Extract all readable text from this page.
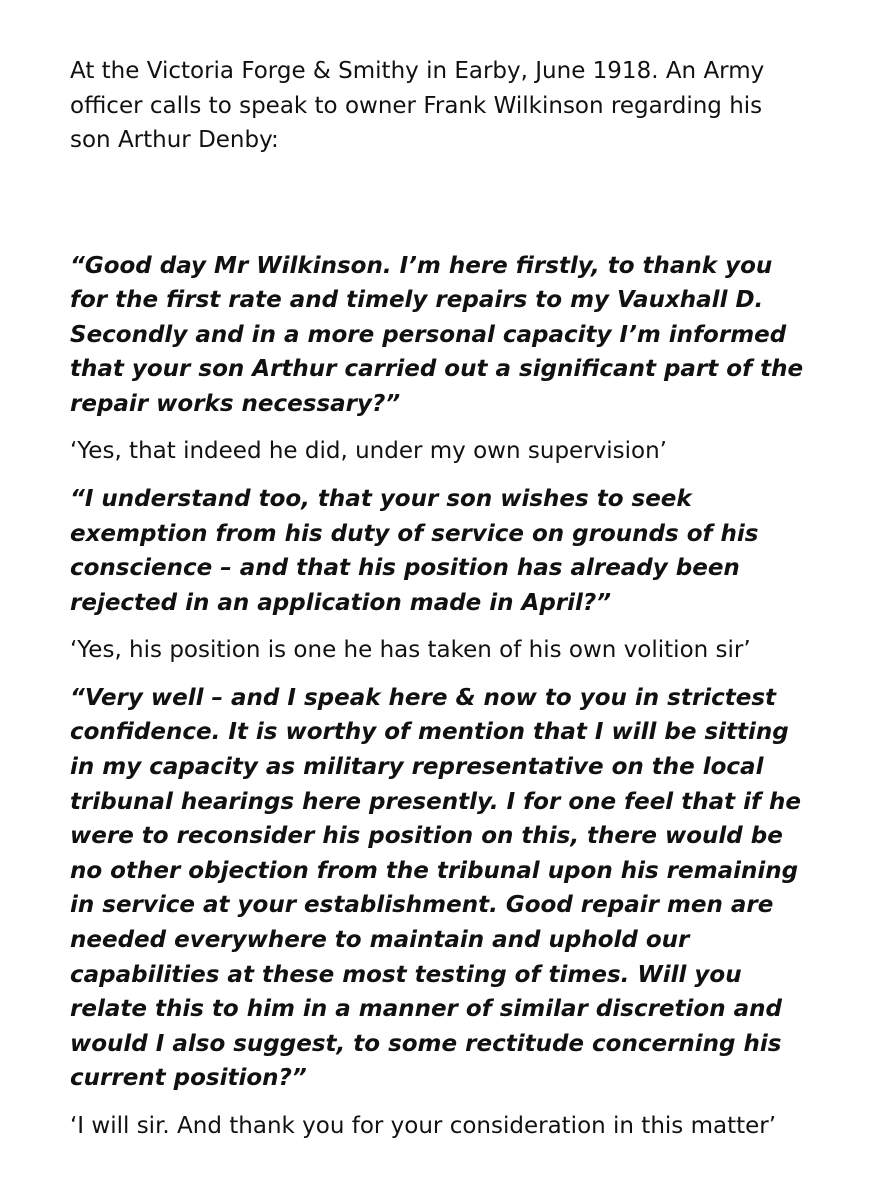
At the Victoria Forge & Smithy in Earby, June 1918. An Army officer calls to speak to owner Frank Wilkinson regarding his son Arthur Denby:

“Good day Mr Wilkinson. I’m here firstly, to thank you for the first rate and timely repairs to my Vauxhall D. Secondly and in a more personal capacity I’m informed that your son Arthur carried out a significant part of the repair works necessary?”

‘Yes, that indeed he did, under my own supervision’

“I understand too, that your son wishes to seek exemption from his duty of service on grounds of his conscience – and that his position has already been rejected in an application made in April?”

‘Yes, his position is one he has taken of his own volition sir’

“Very well – and I speak here & now to you in strictest confidence. It is worthy of mention that I will be sitting in my capacity as military representative on the local tribunal hearings here presently. I for one feel that if he were to reconsider his position on this, there would be no other objection from the tribunal upon his remaining in service at your establishment. Good repair men are needed everywhere to maintain and uphold our capabilities at these most testing of times. Will you relate this to him in a manner of similar discretion and would I also suggest, to some rectitude concerning his current position?”

‘I will sir. And thank you for your consideration in this matter’
